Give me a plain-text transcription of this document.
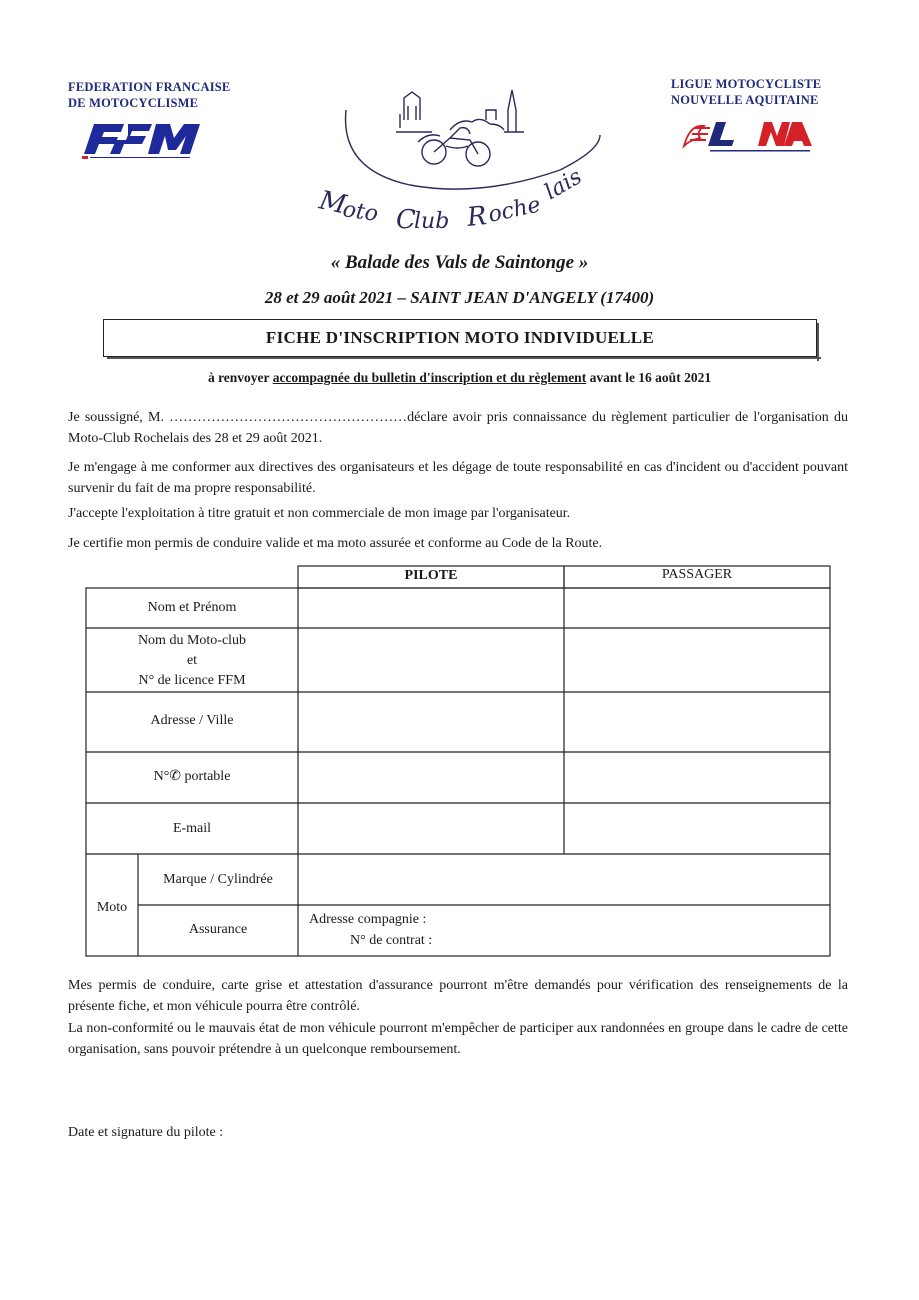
FEDERATION FRANCAISE
DE MOTOCYCLISME
FFM
LIGUE MOTOCYCLISTE
NOUVELLE AQUITAINE
M
oto C
lub R
oche
lais
« Balade des Vals de Saintonge »
28 et 29 août 2021 – SAINT JEAN D'ANGELY (17400)
FICHE D'INSCRIPTION MOTO INDIVIDUELLE
à renvoyer accompagnée du bulletin d'inscription et du règlement avant le 16 août 2021
Je soussigné, M. ……………………………………………déclare avoir pris connaissance du règlement particulier de l'organisation du Moto-Club Rochelais des 28 et 29 août 2021.
Je m'engage à me conformer aux directives des organisateurs et les dégage de toute responsabilité en cas d'incident ou d'accident pouvant survenir du fait de ma propre responsabilité.
J'accepte l'exploitation à titre gratuit et non commerciale de mon image par l'organisateur.
Je certifie mon permis de conduire valide et ma moto assurée et conforme au Code de la Route.
PILOTE	PASSAGER
Nom et Prénom
Nom du Moto-club
et
N° de licence FFM
Adresse / Ville
N°✆ portable
E-mail
Moto
Marque / Cylindrée
Assurance
Adresse compagnie :
N° de contrat :
Mes permis de conduire, carte grise et attestation d'assurance pourront m'être demandés pour vérification des renseignements de la présente fiche, et mon véhicule pourra être contrôlé.
La non-conformité ou le mauvais état de mon véhicule pourront m'empêcher de participer aux randonnées en groupe dans le cadre de cette organisation, sans pouvoir prétendre à un quelconque remboursement.
Date et signature du pilote :
